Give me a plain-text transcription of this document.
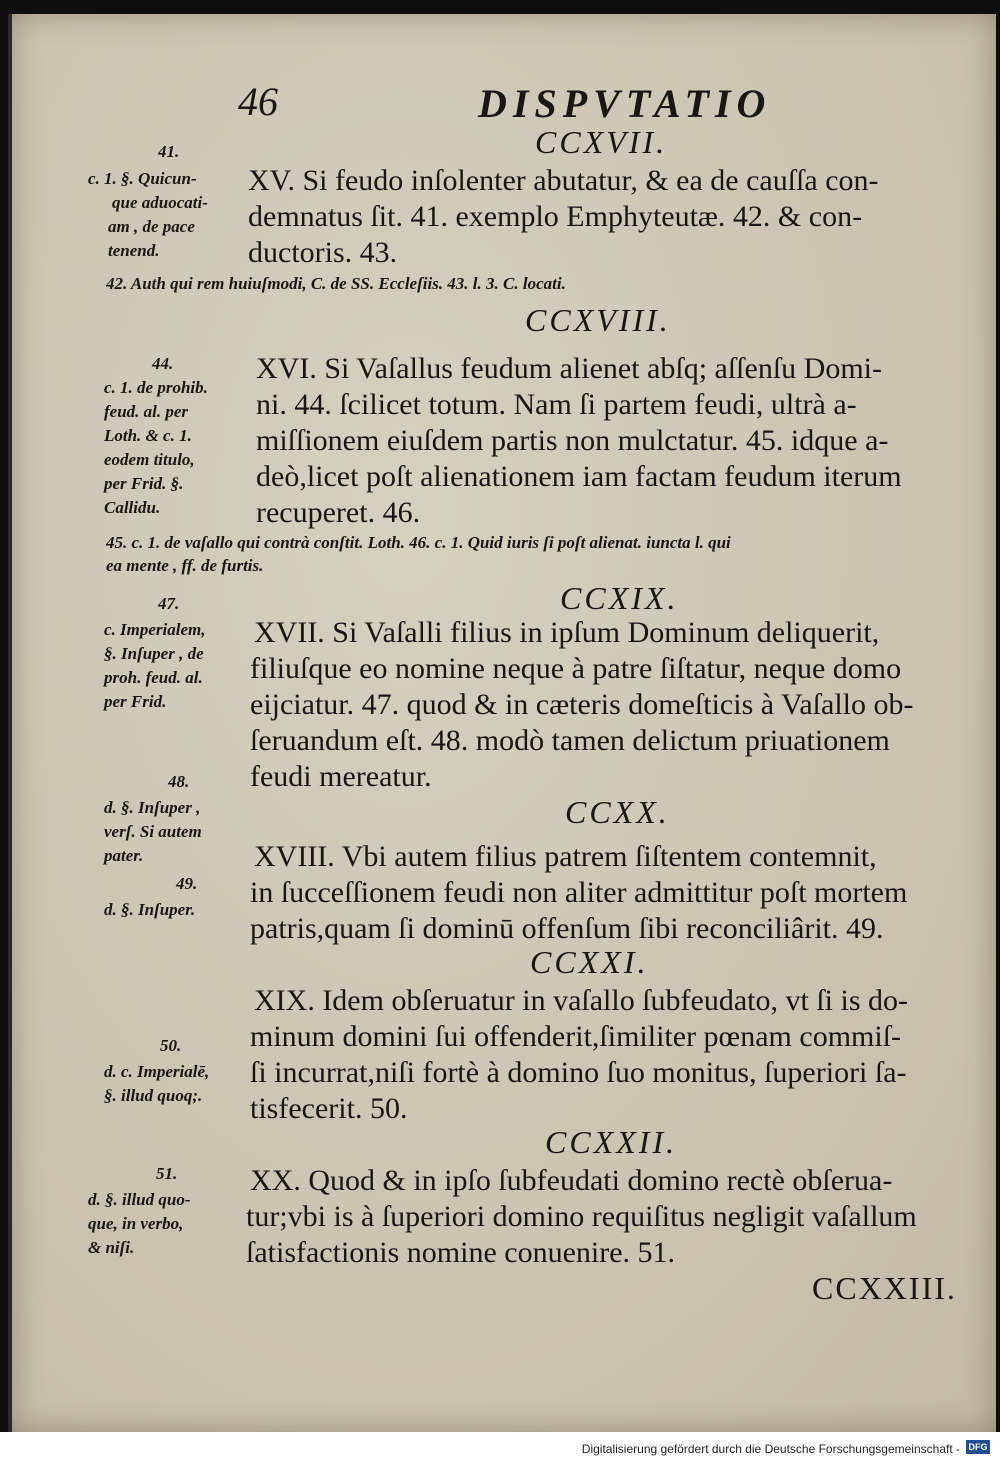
46	DISPVTATIO
CCXVII.
41.
c. 1. §. Quicun-
que aduocati-
am , de pace
tenend.
XV. Si feudo inſolenter abutatur, & ea de cauſſa con-
demnatus ſit. 41. exemplo Emphyteutæ. 42. & con-
ductoris. 43.
42. Auth qui rem huiuſmodi, C. de SS. Eccleſiis. 43. l. 3. C. locati.
CCXVIII.
44.
c. 1. de prohib.
feud. al. per
Loth. & c. 1.
eodem titulo,
per Frid. §.
Callidu.
XVI. Si Vaſallus feudum alienet abſq; aſſenſu Domi-
ni. 44. ſcilicet totum. Nam ſi partem feudi, ultrà a-
miſſionem eiuſdem partis non mulctatur. 45. idque a-
deò,licet poſt alienationem iam factam feudum iterum
recuperet. 46.
45. c. 1. de vaſallo qui contrà conſtit. Loth. 46. c. 1. Quid iuris ſi poſt alienat. iuncta l. qui
ea mente , ff. de furtis.
CCXIX.
47.
c. Imperialem,
§. Inſuper , de
proh. feud. al.
per Frid.
XVII. Si Vaſalli filius in ipſum Dominum deliquerit,
filiuſque eo nomine neque à patre ſiſtatur, neque domo
eijciatur. 47. quod & in cæteris domeſticis à Vaſallo ob-
ſeruandum eſt. 48. modò tamen delictum priuationem
feudi mereatur.
48.
d. §. Inſuper ,
verſ. Si autem
pater.
CCXX.
XVIII. Vbi autem filius patrem ſiſtentem contemnit,
49.
d. §. Inſuper.
in ſucceſſionem feudi non aliter admittitur poſt mortem
patris,quam ſi dominū offenſum ſibi reconciliârit. 49.
CCXXI.
XIX. Idem obſeruatur in vaſallo ſubfeudato, vt ſi is do-
minum domini ſui offenderit,ſimiliter pœnam commiſ-
50.
d. c. Imperialē,
§. illud quoq;.
ſi incurrat,niſi fortè à domino ſuo monitus, ſuperiori ſa-
tisfecerit. 50.
CCXXII.
51.
d. §. illud quo-
que, in verbo,
& niſi.
XX. Quod & in ipſo ſubfeudati domino rectè obſerua-
tur;vbi is à ſuperiori domino requiſitus negligit vaſallum
ſatisfactionis nomine conuenire. 51.
CCXXIII.
Digitalisierung gefördert durch die Deutsche Forschungsgemeinschaft - DFG
